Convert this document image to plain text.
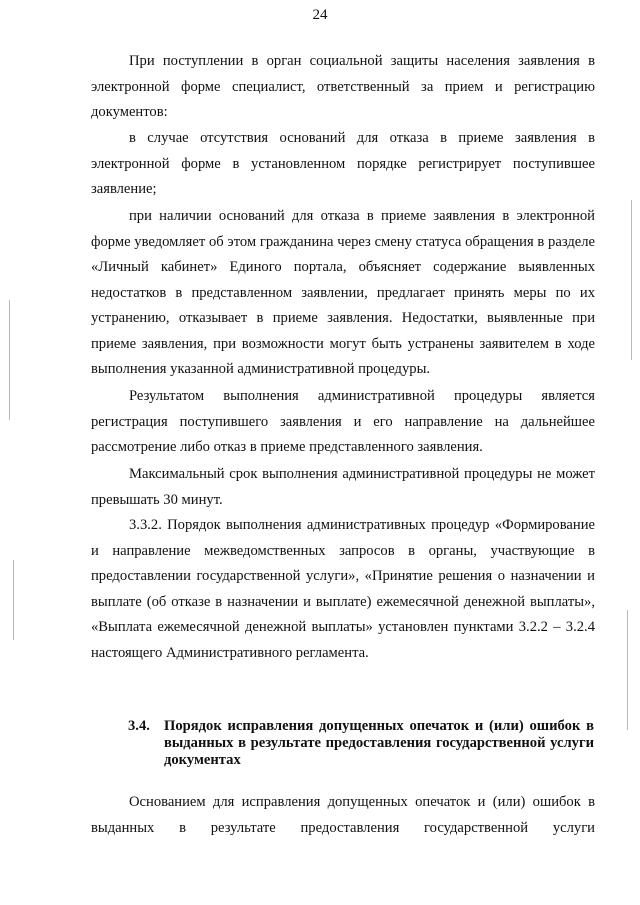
24

При поступлении в орган социальной защиты населения заявления в электронной форме специалист, ответственный за прием и регистрацию документов:

в случае отсутствия оснований для отказа в приеме заявления в электронной форме в установленном порядке регистрирует поступившее заявление;

при наличии оснований для отказа в приеме заявления в электронной форме уведомляет об этом гражданина через смену статуса обращения в разделе «Личный кабинет» Единого портала, объясняет содержание выявленных недостатков в представленном заявлении, предлагает принять меры по их устранению, отказывает в приеме заявления. Недостатки, выявленные при приеме заявления, при возможности могут быть устранены заявителем в ходе выполнения указанной административной процедуры.

Результатом выполнения административной процедуры является регистрация поступившего заявления и его направление на дальнейшее рассмотрение либо отказ в приеме представленного заявления.

Максимальный срок выполнения административной процедуры не может превышать 30 минут.

3.3.2. Порядок выполнения административных процедур «Формирование и направление межведомственных запросов в органы, участвующие в предоставлении государственной услуги», «Принятие решения о назначении и выплате (об отказе в назначении и выплате) ежемесячной денежной выплаты», «Выплата ежемесячной денежной выплаты» установлен пунктами 3.2.2 – 3.2.4 настоящего Административного регламента.

3.4. Порядок исправления допущенных опечаток и (или) ошибок в выданных в результате предоставления государственной услуги документах

Основанием для исправления допущенных опечаток и (или) ошибок в выданных в результате предоставления государственной услуги
